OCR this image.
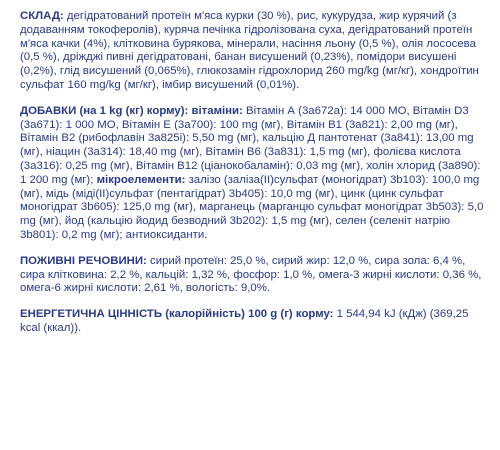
СКЛАД: дегідратований протеїн м'яса курки (30 %), рис, кукурудза, жир курячий (з додаванням токоферолів), куряча печінка гідролізована суха, дегідратований протеїн м'яса качки (4%), клітковина бурякова, мінерали, насіння льону (0,5 %), олія лососева (0,5 %), дріжджі пивні дегідратовані, банан висушений (0,23%), помідори висушені (0,2%), глід висушений (0,065%), глюкозамін гідрохлорид 260 mg/kg (мг/кг), хондроїтин сульфат 160 mg/kg (мг/кг), імбир висушений (0,01%).

ДОБАВКИ (на 1 kg (кг) корму): вітаміни: Вітамін А (3а672а): 14 000 МО, Вітамін D3 (3а671): 1 000 МО, Вітамін Е (3а700): 100 mg (мг), Вітамін В1 (3а821): 2,00 mg (мг), Вітамін В2 (рибофлавін 3а825і): 5,50 mg (мг), кальцію Д пантотенат (3а841): 13,00 mg (мг), ніацин (3а314): 18,40 mg (мг), Вітамін В6 (3а831): 1,5 mg (мг), фолієва кислота (3а316): 0,25 mg (мг), Вітамін В12 (ціанокобаламін): 0,03 mg (мг), холін хлорид (3а890): 1 200 mg (мг); мікроелементи: залізо (заліза(II)сульфат (моногідрат) 3b103): 100,0 mg (мг), мідь (міді(II)сульфат (пентагідрат) 3b405): 10,0 mg (мг), цинк (цинк сульфат моногідрат 3b605): 125,0 mg (мг), марганець (марганцю сульфат моногідрат 3b503): 5,0 mg (мг), йод (кальцію йодид безводний 3b202): 1,5 mg (мг), селен (селеніт натрію 3b801): 0,2 mg (мг); антиоксиданти.

ПОЖИВНІ РЕЧОВИНИ: сирий протеїн: 25,0 %, сирий жир: 12,0 %, сира зола: 6,4 %, сира клітковина: 2,2 %, кальцій: 1,32 %, фосфор: 1,0 %, омега-3 жирні кислоти: 0,36 %, омега-6 жирні кислоти: 2,61 %, вологість: 9,0%.

ЕНЕРГЕТИЧНА ЦІННІСТЬ (калорійність) 100 g (г) корму: 1 544,94 kJ (кДж) (369,25 kcal (ккал)).
